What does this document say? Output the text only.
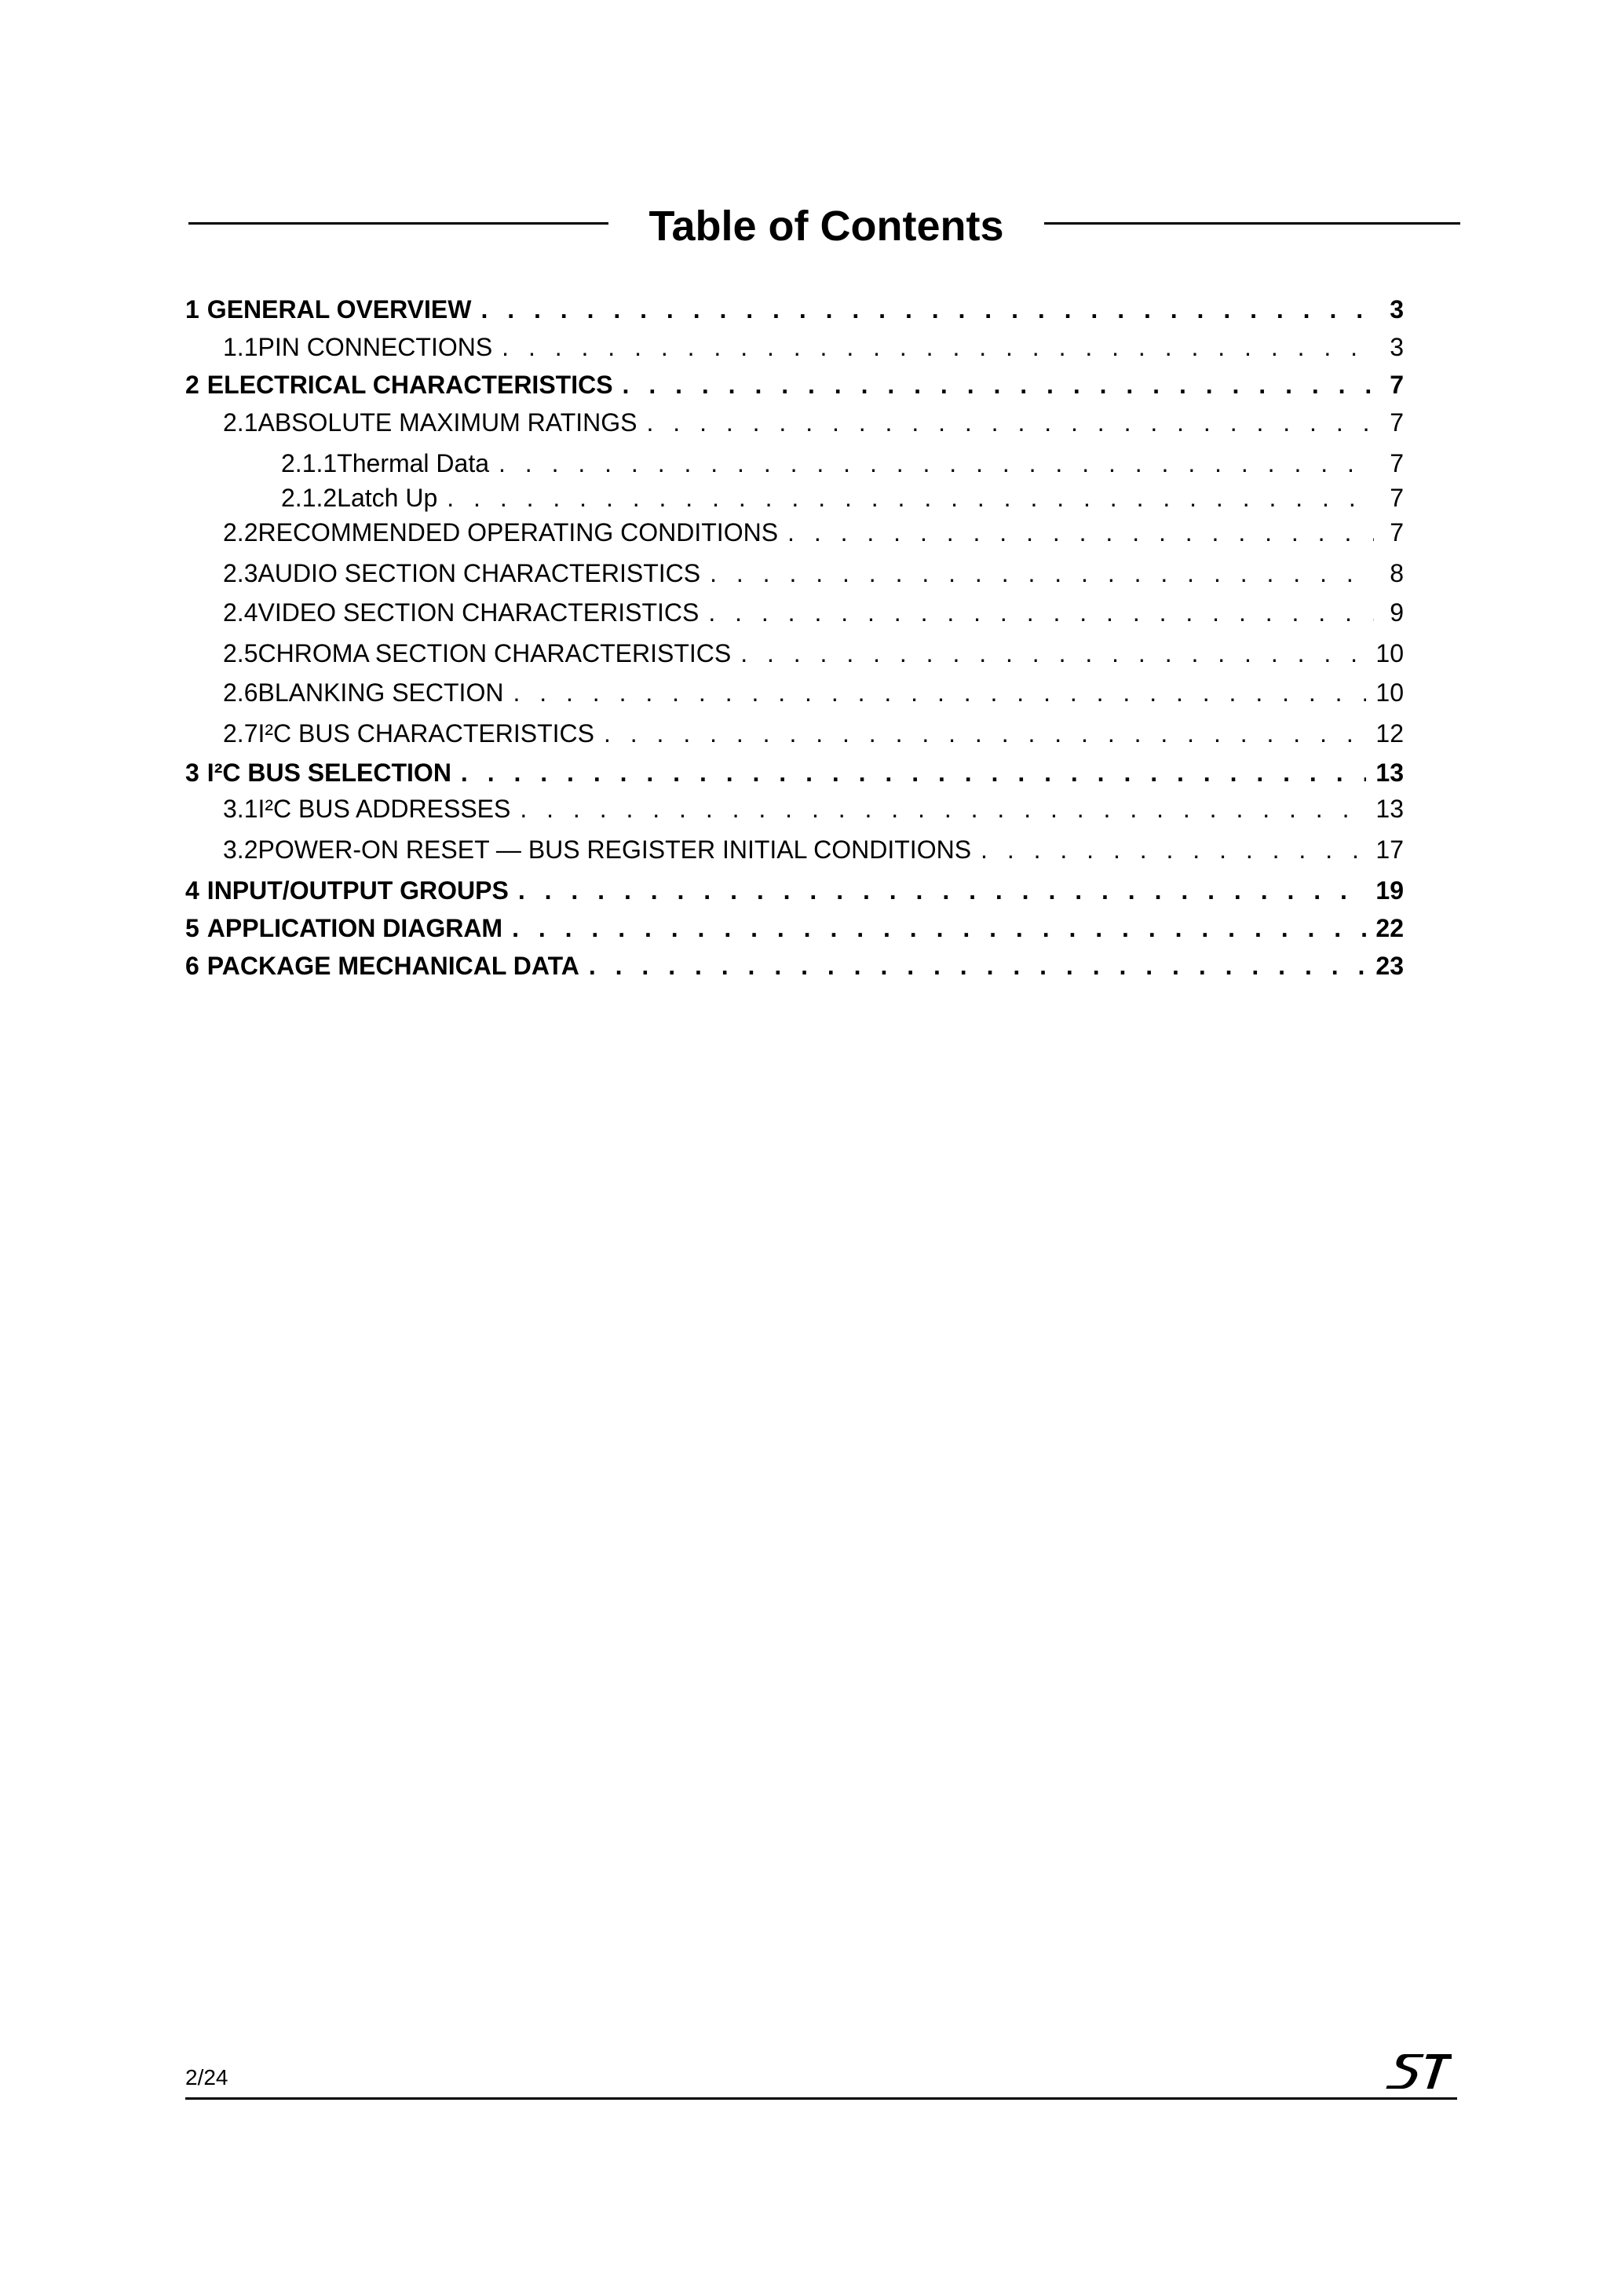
Table of Contents
1 GENERAL OVERVIEW . . .	3
1.1 PIN CONNECTIONS . . .	3
2 ELECTRICAL CHARACTERISTICS . . .	7
2.1 ABSOLUTE MAXIMUM RATINGS . . .	7
2.1.1 Thermal Data . . .	7
2.1.2 Latch Up . . .	7
2.2 RECOMMENDED OPERATING CONDITIONS . . .	7
2.3 AUDIO SECTION CHARACTERISTICS . . .	8
2.4 VIDEO SECTION CHARACTERISTICS . . .	9
2.5 CHROMA SECTION CHARACTERISTICS . . .	10
2.6 BLANKING SECTION . . .	10
2.7 I²C BUS CHARACTERISTICS . . .	12
3 I²C BUS SELECTION . . .	13
3.1 I²C BUS ADDRESSES . . .	13
3.2 POWER-ON RESET — BUS REGISTER INITIAL CONDITIONS . . .	17
4 INPUT/OUTPUT GROUPS . . .	19
5 APPLICATION DIAGRAM . . .	22
6 PACKAGE MECHANICAL DATA . . .	23
2/24
